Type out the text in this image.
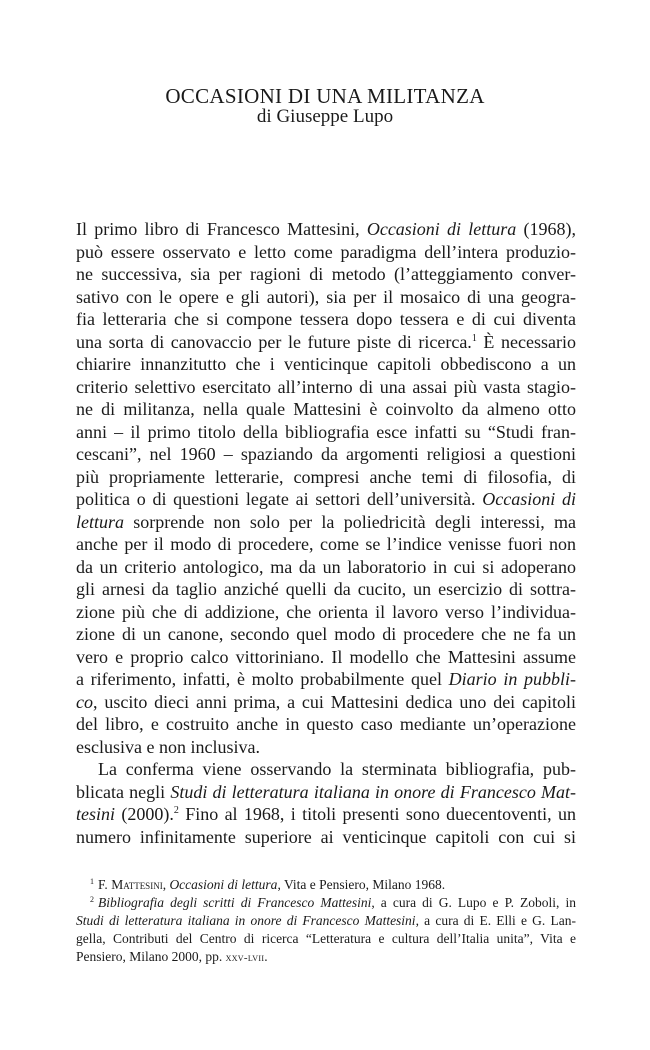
OCCASIONI DI UNA MILITANZA
di Giuseppe Lupo
Il primo libro di Francesco Mattesini, Occasioni di lettura (1968),
può essere osservato e letto come paradigma dell’intera produzio-
ne successiva, sia per ragioni di metodo (l’atteggiamento conver-
sativo con le opere e gli autori), sia per il mosaico di una geogra-
fia letteraria che si compone tessera dopo tessera e di cui diventa
una sorta di canovaccio per le future piste di ricerca.$^1$ È necessario
chiarire innanzitutto che i venticinque capitoli obbediscono a un
criterio selettivo esercitato all’interno di una assai più vasta stagio-
ne di militanza, nella quale Mattesini è coinvolto da almeno otto
anni – il primo titolo della bibliografia esce infatti su “Studi fran-
cescani”, nel 1960 – spaziando da argomenti religiosi a questioni
più propriamente letterarie, compresi anche temi di filosofia, di
politica o di questioni legate ai settori dell’università. Occasioni di
lettura sorprende non solo per la poliedricità degli interessi, ma
anche per il modo di procedere, come se l’indice venisse fuori non
da un criterio antologico, ma da un laboratorio in cui si adoperano
gli arnesi da taglio anziché quelli da cucito, un esercizio di sottra-
zione più che di addizione, che orienta il lavoro verso l’individua-
zione di un canone, secondo quel modo di procedere che ne fa un
vero e proprio calco vittoriniano. Il modello che Mattesini assume
a riferimento, infatti, è molto probabilmente quel Diario in pubbli-
co, uscito dieci anni prima, a cui Mattesini dedica uno dei capitoli
del libro, e costruito anche in questo caso mediante un’operazione
esclusiva e non inclusiva.
La conferma viene osservando la sterminata bibliografia, pub-
blicata negli Studi di letteratura italiana in onore di Francesco Mat-
tesini (2000).$^2$ Fino al 1968, i titoli presenti sono duecentoventi, un
numero infinitamente superiore ai venticinque capitoli con cui si
$^1$ F. Mattesini, Occasioni di lettura, Vita e Pensiero, Milano 1968.
$^2$ Bibliografia degli scritti di Francesco Mattesini, a cura di G. Lupo e P. Zoboli, in
Studi di letteratura italiana in onore di Francesco Mattesini, a cura di E. Elli e G. Lan-
gella, Contributi del Centro di ricerca “Letteratura e cultura dell’Italia unita”, Vita e
Pensiero, Milano 2000, pp. xxv-lvii.
